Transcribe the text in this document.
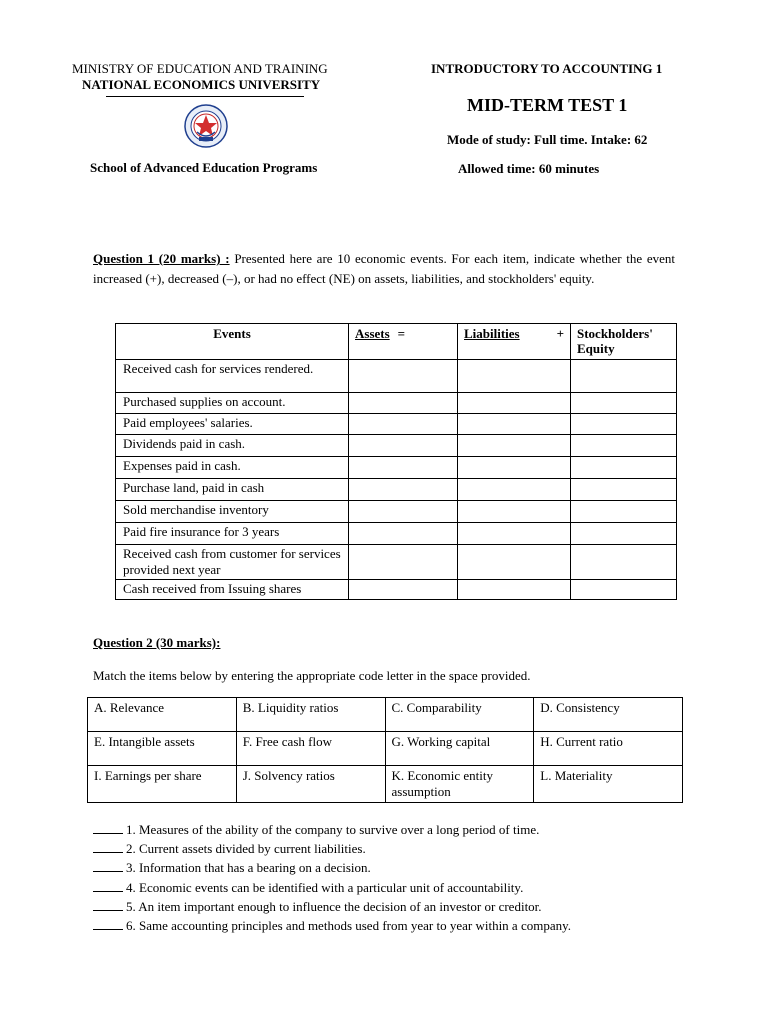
MINISTRY OF EDUCATION AND TRAINING
NATIONAL ECONOMICS UNIVERSITY
School of Advanced Education Programs
INTRODUCTORY TO ACCOUNTING 1
MID-TERM TEST 1
Mode of study: Full time. Intake: 62
Allowed time: 60 minutes
Question 1 (20 marks) : Presented here are 10 economic events. For each item, indicate whether the event increased (+), decreased (–), or had no effect (NE) on assets, liabilities, and stockholders' equity.
Events	Assets =	Liabilities +	Stockholders' Equity
Received cash for services rendered.			
Purchased supplies on account.			
Paid employees' salaries.			
Dividends paid in cash.			
Expenses paid in cash.			
Purchase land, paid in cash			
Sold merchandise inventory			
Paid fire insurance for 3 years			
Received cash from customer for services provided next year			
Cash received from Issuing shares			
Question 2 (30 marks):
Match the items below by entering the appropriate code letter in the space provided.
A. Relevance	B. Liquidity ratios	C. Comparability	D. Consistency
E. Intangible assets	F. Free cash flow	G. Working capital	H. Current ratio
I. Earnings per share	J. Solvency ratios	K. Economic entity assumption	L. Materiality
1. Measures of the ability of the company to survive over a long period of time.
2. Current assets divided by current liabilities.
3. Information that has a bearing on a decision.
4. Economic events can be identified with a particular unit of accountability.
5. An item important enough to influence the decision of an investor or creditor.
6. Same accounting principles and methods used from year to year within a company.
